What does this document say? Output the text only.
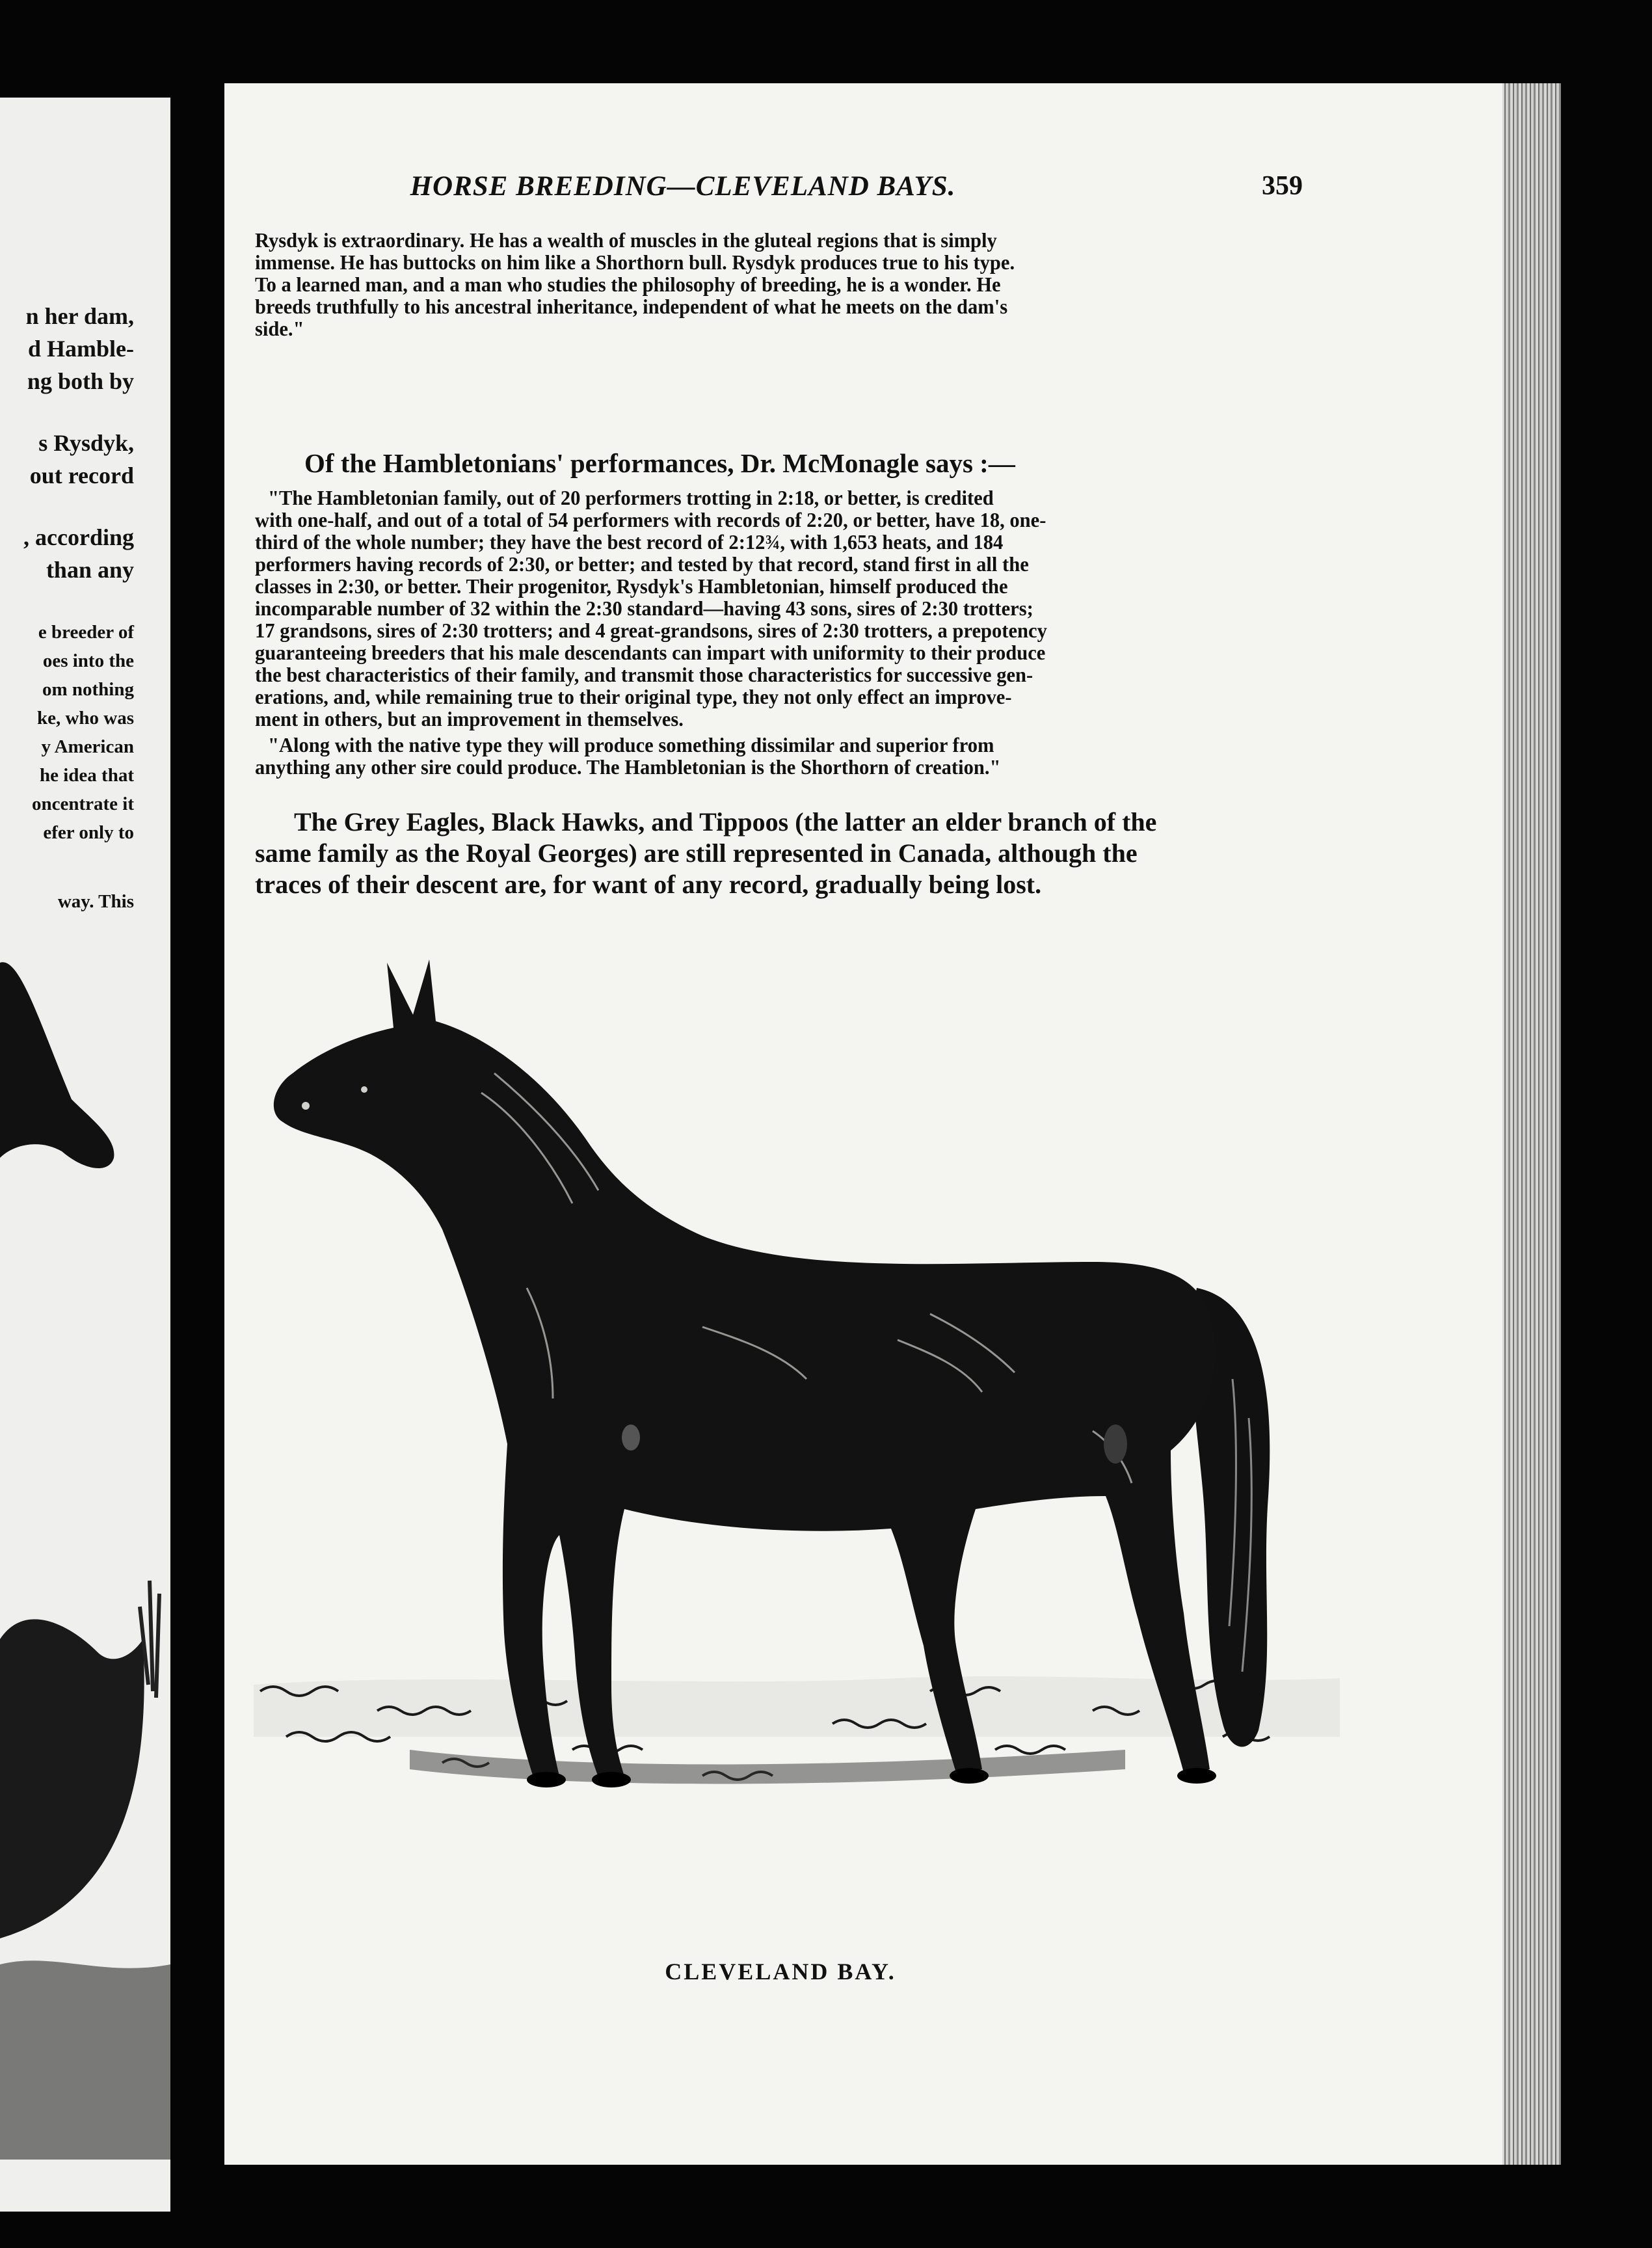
n her dam,
d Hamble-
ng both by
s Rysdyk,
out record
, according
than any
e breeder of
oes into the
om nothing
ke, who was
y American
he idea that
oncentrate it
efer only to
way. This
HORSE BREEDING—CLEVELAND BAYS.	359
Rysdyk is extraordinary. He has a wealth of muscles in the gluteal regions that is simply
immense. He has buttocks on him like a Shorthorn bull. Rysdyk produces true to his type.
To a learned man, and a man who studies the philosophy of breeding, he is a wonder. He
breeds truthfully to his ancestral inheritance, independent of what he meets on the dam's
side."
Of the Hambletonians' performances, Dr. McMonagle says :—
"The Hambletonian family, out of 20 performers trotting in 2:18, or better, is credited
with one-half, and out of a total of 54 performers with records of 2:20, or better, have 18, one-
third of the whole number; they have the best record of 2:12¾, with 1,653 heats, and 184
performers having records of 2:30, or better; and tested by that record, stand first in all the
classes in 2:30, or better. Their progenitor, Rysdyk's Hambletonian, himself produced the
incomparable number of 32 within the 2:30 standard—having 43 sons, sires of 2:30 trotters;
17 grandsons, sires of 2:30 trotters; and 4 great-grandsons, sires of 2:30 trotters, a prepotency
guaranteeing breeders that his male descendants can impart with uniformity to their produce
the best characteristics of their family, and transmit those characteristics for successive gen-
erations, and, while remaining true to their original type, they not only effect an improve-
ment in others, but an improvement in themselves.
"Along with the native type they will produce something dissimilar and superior from
anything any other sire could produce. The Hambletonian is the Shorthorn of creation."
The Grey Eagles, Black Hawks, and Tippoos (the latter an elder branch of the
same family as the Royal Georges) are still represented in Canada, although the
traces of their descent are, for want of any record, gradually being lost.
CLEVELAND BAY.
